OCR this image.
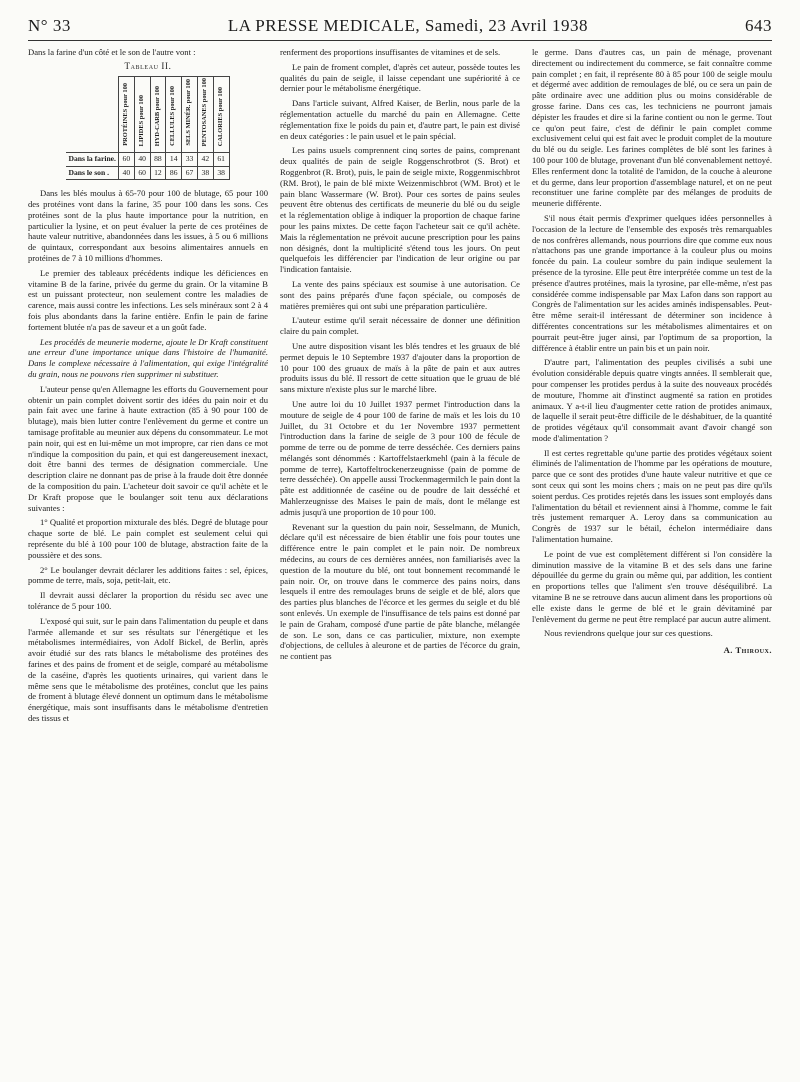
N° 33	LA PRESSE MEDICALE, Samedi, 23 Avril 1938	643

Dans la farine d'un côté et le son de l'autre vont :

Tableau II.
	PROTÉINES pour 100	LIPIDES pour 100	HYD-CARB pour 100	CELLULES pour 100	SELS MINÉR. pour 100	PENTOSANES pour 100	CALORIES pour 100
Dans la farine.	60	40	88	14	33	42	61
Dans le son .	40	60	12	86	67	38	38

Dans les blés moulus à 65-70 pour 100 de blutage, 65 pour 100 des protéines vont dans la farine, 35 pour 100 dans les sons. Ces protéines sont de la plus haute importance pour la nutrition, en particulier la lysine, et on peut évaluer la perte de ces protéines de haute valeur nutritive, abandonnées dans les issues, à 5 ou 6 millions de quintaux, correspondant aux besoins alimentaires annuels en protéines de 7 à 10 millions d'hommes.

Le premier des tableaux précédents indique les déficiences en vitamine B de la farine, privée du germe du grain. Or la vitamine B est un puissant protecteur, non seulement contre les maladies de carence, mais aussi contre les infections. Les sels minéraux sont 2 à 4 fois plus abondants dans la farine entière. Enfin le pain de farine fortement blutée n'a pas de saveur et a un goût fade.

Les procédés de meunerie moderne, ajoute le Dr Kraft constituent une erreur d'une importance unique dans l'histoire de l'humanité. Dans le complexe nécessaire à l'alimentation, qui exige l'intégralité du grain, nous ne pouvons rien supprimer ni substituer.

L'auteur pense qu'en Allemagne les efforts du Gouvernement pour obtenir un pain complet doivent sortir des idées du pain noir et du pain fait avec une farine à haute extraction (85 à 90 pour 100 de blutage), mais bien lutter contre l'enlèvement du germe et contre un tamisage profitable au meunier aux dépens du consommateur. Le mot pain noir, qui est en lui-même un mot impropre, car rien dans ce mot n'indique la composition du pain, et qui est dangereusement inexact, doit être banni des termes de désignation commerciale. Une description claire ne donnant pas de prise à la fraude doit être donnée de la composition du pain. L'acheteur doit savoir ce qu'il achète et le Dr Kraft propose que le boulanger soit tenu aux déclarations suivantes :

1° Qualité et proportion mixturale des blés. Degré de blutage pour chaque sorte de blé. Le pain complet est seulement celui qui représente du blé à 100 pour 100 de blutage, abstraction faite de la poussière et des sons.

2° Le boulanger devrait déclarer les additions faites : sel, épices, pomme de terre, maïs, soja, petit-lait, etc.

Il devrait aussi déclarer la proportion du résidu sec avec une tolérance de 5 pour 100.

L'exposé qui suit, sur le pain dans l'alimentation du peuple et dans l'armée allemande et sur ses résultats sur l'énergétique et les métabolismes intermédiaires, von Adolf Bickel, de Berlin, après avoir étudié sur des rats blancs le métabolisme des protéines des farines et des pains de froment et de seigle, comparé au métabolisme de la caséine, d'après les quotients urinaires, qui varient dans le même sens que le métabolisme des protéines, conclut que les pains de froment à blutage élevé donnent un optimum dans le métabolisme énergétique, mais sont insuffisants dans le métabolisme d'entretien des tissus et

renferment des proportions insuffisantes de vitamines et de sels.

Le pain de froment complet, d'après cet auteur, possède toutes les qualités du pain de seigle, il laisse cependant une supériorité à ce dernier pour le métabolisme énergétique.

Dans l'article suivant, Alfred Kaiser, de Berlin, nous parle de la réglementation actuelle du marché du pain en Allemagne. Cette réglementation fixe le poids du pain et, d'autre part, le pain est divisé en deux catégories : le pain usuel et le pain spécial.

Les pains usuels comprennent cinq sortes de pains, comprenant deux qualités de pain de seigle Roggenschrotbrot (S. Brot) et Roggenbrot (R. Brot), puis, le pain de seigle mixte, Roggenmischbrot (RM. Brot), le pain de blé mixte Weizenmischbrot (WM. Brot) et le pain blanc Wassermare (W. Brot). Pour ces sortes de pains seules peuvent être obtenus des certificats de meunerie du blé ou du seigle et la réglementation oblige à indiquer la proportion de chaque farine pour les pains mixtes. De cette façon l'acheteur sait ce qu'il achète. Mais la réglementation ne prévoit aucune prescription pour les pains non désignés, dont la multiplicité s'étend tous les jours. On peut quelquefois les différencier par l'indication de leur origine ou par l'indication fantaisie.

La vente des pains spéciaux est soumise à une autorisation. Ce sont des pains préparés d'une façon spéciale, ou composés de matières premières qui ont subi une préparation particulière.

L'auteur estime qu'il serait nécessaire de donner une définition claire du pain complet.

Une autre disposition visant les blés tendres et les gruaux de blé permet depuis le 10 Septembre 1937 d'ajouter dans la proportion de 10 pour 100 des gruaux de maïs à la pâte de pain et aux autres produits issus du blé. Il ressort de cette situation que le gruau de blé sans mixture n'existe plus sur le marché libre.

Une autre loi du 10 Juillet 1937 permet l'introduction dans la mouture de seigle de 4 pour 100 de farine de maïs et les lois du 10 Juillet, du 31 Octobre et du 1er Novembre 1937 permettent l'introduction dans la farine de seigle de 3 pour 100 de fécule de pomme de terre ou de pomme de terre desséchée. Ces derniers pains mélangés sont dénommés : Kartoffelstaerkmehl (pain à la fécule de pomme de terre), Kartoffeltrockenerzeugnisse (pain de pomme de terre desséchée). On appelle aussi Trockenmagermilch le pain dont la pâte est additionnée de caséine ou de poudre de lait desséché et Mahlerzeugnisse des Maises le pain de maïs, dont le mélange est admis jusqu'à une proportion de 10 pour 100.

Revenant sur la question du pain noir, Sesselmann, de Munich, déclare qu'il est nécessaire de bien établir une fois pour toutes une différence entre le pain complet et le pain noir. De nombreux médecins, au cours de ces dernières années, non familiarisés avec la question de la mouture du blé, ont tout bonnement recommandé le pain noir. Or, on trouve dans le commerce des pains noirs, dans lesquels il entre des remoulages bruns de seigle et de blé, alors que des parties plus blanches de l'écorce et les germes du seigle et du blé sont enlevés. Un exemple de l'insuffisance de tels pains est donné par le pain de Graham, composé d'une partie de pâte blanche, mélangée de son. Le son, dans ce cas particulier, mixture, non exempte d'objections, de cellules à aleurone et de parties de l'écorce du grain, ne contient pas

le germe. Dans d'autres cas, un pain de ménage, provenant directement ou indirectement du commerce, se fait connaître comme pain complet ; en fait, il représente 80 à 85 pour 100 de seigle moulu et dégermé avec addition de remoulages de blé, ou ce sera un pain de pâte ordinaire avec une addition plus ou moins considérable de grosse farine. Dans ces cas, les techniciens ne pourront jamais dépister les fraudes et dire si la farine contient ou non le germe. Tout ce qu'on peut faire, c'est de définir le pain complet comme exclusivement celui qui est fait avec le produit complet de la mouture du blé ou du seigle. Les farines complètes de blé sont les farines à 100 pour 100 de blutage, provenant d'un blé convenablement nettoyé. Elles renferment donc la totalité de l'amidon, de la couche à aleurone et du germe, dans leur proportion d'assemblage naturel, et on ne peut reconstituer une farine complète par des mélanges de produits de meunerie différente.

S'il nous était permis d'exprimer quelques idées personnelles à l'occasion de la lecture de l'ensemble des exposés très remarquables de nos confrères allemands, nous pourrions dire que comme eux nous n'attachons pas une grande importance à la couleur plus ou moins foncée du pain. La couleur sombre du pain indique seulement la présence de la tyrosine. Elle peut être interprétée comme un test de la présence d'autres protéines, mais la tyrosine, par elle-même, n'est pas considérée comme indispensable par Max Lafon dans son rapport au Congrès de l'alimentation sur les acides aminés indispensables. Peut-être même serait-il intéressant de déterminer son incidence à différentes concentrations sur les métabolismes alimentaires et on pourrait peut-être juger ainsi, par l'optimum de sa proportion, la différence à établir entre un pain bis et un pain noir.

D'autre part, l'alimentation des peuples civilisés a subi une évolution considérable depuis quatre vingts années. Il semblerait que, pour compenser les protides perdus à la suite des nouveaux procédés de mouture, l'homme ait d'instinct augmenté sa ration en protides animaux. Y a-t-il lieu d'augmenter cette ration de protides animaux, de laquelle il serait peut-être difficile de le déshabituer, de la quantité de protides végétaux qu'il consommait avant d'avoir changé son mode d'alimentation ?

Il est certes regrettable qu'une partie des protides végétaux soient éliminés de l'alimentation de l'homme par les opérations de mouture, parce que ce sont des protides d'une haute valeur nutritive et que ce sont ceux qui sont les moins chers ; mais on ne peut pas dire qu'ils soient perdus. Ces protides rejetés dans les issues sont employés dans l'alimentation du bétail et reviennent ainsi à l'homme, comme le fait très justement remarquer A. Leroy dans sa communication au Congrès de 1937 sur le bétail, échelon intermédiaire dans l'alimentation humaine.

Le point de vue est complètement différent si l'on considère la diminution massive de la vitamine B et des sels dans une farine dépouillée du germe du grain ou même qui, par addition, les contient en proportions telles que l'aliment s'en trouve déséquilibré. La vitamine B ne se retrouve dans aucun aliment dans les proportions où elle existe dans le germe de blé et le grain dévitaminé par l'enlèvement du germe ne peut être remplacé par aucun autre aliment.

Nous reviendrons quelque jour sur ces questions.

A. Thiroux.
